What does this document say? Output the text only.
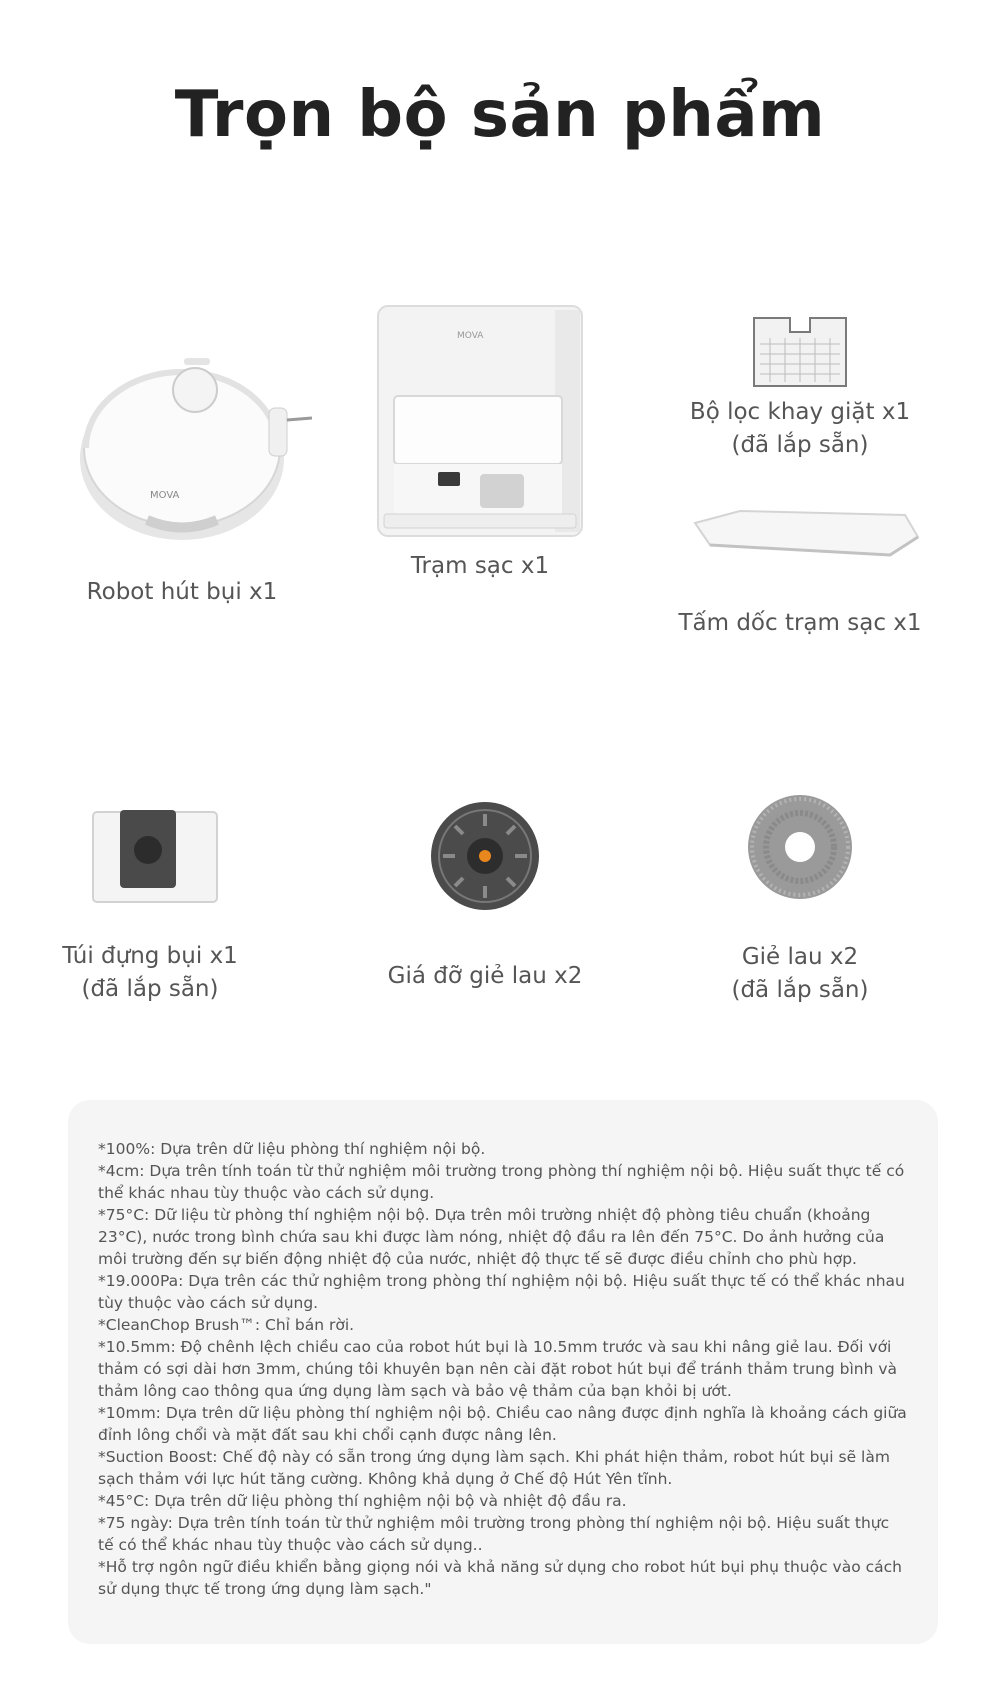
Trọn bộ sản phẩm
MOVA
Robot hút bụi x1
MOVA
Trạm sạc x1
Bộ lọc khay giặt x1
(đã lắp sẵn)
Tấm dốc trạm sạc x1
Túi đựng bụi x1
(đã lắp sẵn)	Giá đỡ giẻ lau x2
Giẻ lau x2
(đã lắp sẵn)

*100%: Dựa trên dữ liệu phòng thí nghiệm nội bộ.

*4cm: Dựa trên tính toán từ thử nghiệm môi trường trong phòng thí nghiệm nội bộ. Hiệu suất thực tế có thể khác nhau tùy thuộc vào cách sử dụng.

*75°C: Dữ liệu từ phòng thí nghiệm nội bộ. Dựa trên môi trường nhiệt độ phòng tiêu chuẩn (khoảng 23°C), nước trong bình chứa sau khi được làm nóng, nhiệt độ đầu ra lên đến 75°C. Do ảnh hưởng của môi trường đến sự biến động nhiệt độ của nước, nhiệt độ thực tế sẽ được điều chỉnh cho phù hợp.

*19.000Pa: Dựa trên các thử nghiệm trong phòng thí nghiệm nội bộ. Hiệu suất thực tế có thể khác nhau tùy thuộc vào cách sử dụng.

*CleanChop Brush™: Chỉ bán rời.

*10.5mm: Độ chênh lệch chiều cao của robot hút bụi là 10.5mm trước và sau khi nâng giẻ lau. Đối với thảm có sợi dài hơn 3mm, chúng tôi khuyên bạn nên cài đặt robot hút bụi để tránh thảm trung bình và thảm lông cao thông qua ứng dụng làm sạch và bảo vệ thảm của bạn khỏi bị ướt.

*10mm: Dựa trên dữ liệu phòng thí nghiệm nội bộ. Chiều cao nâng được định nghĩa là khoảng cách giữa đỉnh lông chổi và mặt đất sau khi chổi cạnh được nâng lên.

*Suction Boost: Chế độ này có sẵn trong ứng dụng làm sạch. Khi phát hiện thảm, robot hút bụi sẽ làm sạch thảm với lực hút tăng cường. Không khả dụng ở Chế độ Hút Yên tĩnh.

*45°C: Dựa trên dữ liệu phòng thí nghiệm nội bộ và nhiệt độ đầu ra.

*75 ngày: Dựa trên tính toán từ thử nghiệm môi trường trong phòng thí nghiệm nội bộ. Hiệu suất thực tế có thể khác nhau tùy thuộc vào cách sử dụng..

*Hỗ trợ ngôn ngữ điều khiển bằng giọng nói và khả năng sử dụng cho robot hút bụi phụ thuộc vào cách sử dụng thực tế trong ứng dụng làm sạch."
